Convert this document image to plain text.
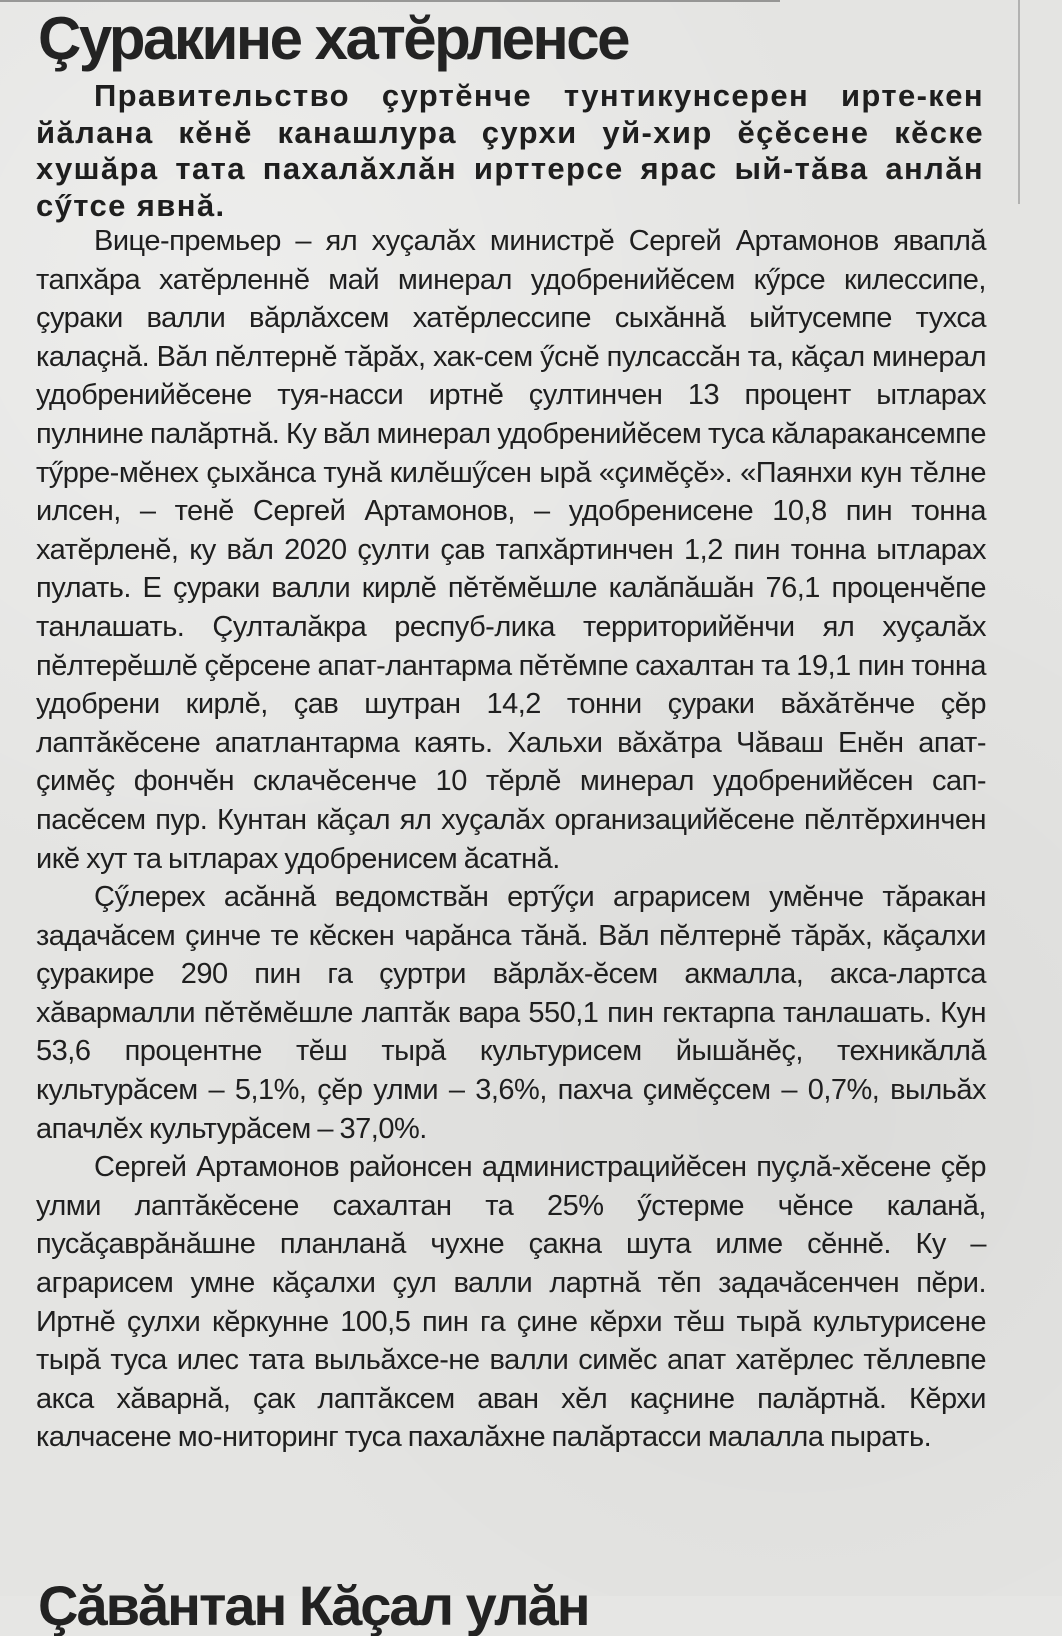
Çуракине хатĕрленсе

Правительство çуртĕнче тунтикунсерен ирте-кен йăлана кĕнĕ канашлура çурхи уй-хир ĕçĕсене кĕске хушăра тата пахалăхлăн ирттерсе ярас ый-тăва анлăн сӳтсе явнă.

Вице-премьер – ял хуçалăх министрĕ Сергей Артамонов яваплă тапхăра хатĕрленнĕ май минерал удобренийĕсем кӳрсе килессипе, çураки валли вăрлăхсем хатĕрлессипе сыхăннă ыйтусемпе тухса калаçнă. Вăл пĕлтернĕ тăрăх, хак-сем ӳснĕ пулсассăн та, кăçал минерал удобренийĕсене туя-насси иртнĕ çултинчен 13 процент ытларах пулнине палăртнă. Ку вăл минерал удобренийĕсем туса кăларакансемпе тӳрре-мĕнех çыхăнса тунă килĕшӳсен ырă «çимĕçĕ». «Паянхи кун тĕлне илсен, – тенĕ Сергей Артамонов, – удобренисене 10,8 пин тонна хатĕрленĕ, ку вăл 2020 çулти çав тапхăртинчен 1,2 пин тонна ытларах пулать. Е çураки валли кирлĕ пĕтĕмĕшле калăпăшăн 76,1 проценчĕпе танлашать. Çулталăкра респуб-лика территорийĕнчи ял хуçалăх пĕлтерĕшлĕ çĕрсене апат-лантарма пĕтĕмпе сахалтан та 19,1 пин тонна удобрени кирлĕ, çав шутран 14,2 тонни çураки вăхăтĕнче çĕр лаптăкĕсене апатлантарма каять. Хальхи вăхăтра Чăваш Енĕн апат-çимĕç фончĕн склачĕсенче 10 тĕрлĕ минерал удобренийĕсен сап-пасĕсем пур. Кунтан кăçал ял хуçалăх организацийĕсене пĕлтĕрхинчен икĕ хут та ытларах удобренисем ăсатнă.

Çӳлерех асăннă ведомствăн ертӳçи аграрисем умĕнче тăракан задачăсем çинче те кĕскен чарăнса тăнă. Вăл пĕлтернĕ тăрăх, кăçалхи çуракире 290 пин га çуртри вăрлăх-ĕсем акмалла, акса-лартса хăвармалли пĕтĕмĕшле лаптăк вара 550,1 пин гектарпа танлашать. Кун 53,6 процентне тĕш тырă культурисем йышăнĕç, техникăллă культурăсем – 5,1%, çĕр улми – 3,6%, пахча çимĕçсем – 0,7%, выльăх апачлĕх культурăсем – 37,0%.

Сергей Артамонов районсен администрацийĕсен пуçлă-хĕсене çĕр улми лаптăкĕсене сахалтан та 25% ӳстерме чĕнсе каланă, пусăçаврăнăшне планланă чухне çакна шута илме сĕннĕ. Ку – аграрисем умне кăçалхи çул валли лартнă тĕп задачăсенчен пĕри. Иртнĕ çулхи кĕркунне 100,5 пин га çине кĕрхи тĕш тырă культурисене тырă туса илес тата выльăхсе-не валли симĕс апат хатĕрлес тĕллевпе акса хăварнă, çак лаптăксем аван хĕл каçнине палăртнă. Кĕрхи калчасене мо-ниторинг туса пахалăхне палăртасси малалла пырать.

Çăвăнтан Кăçал улăн
